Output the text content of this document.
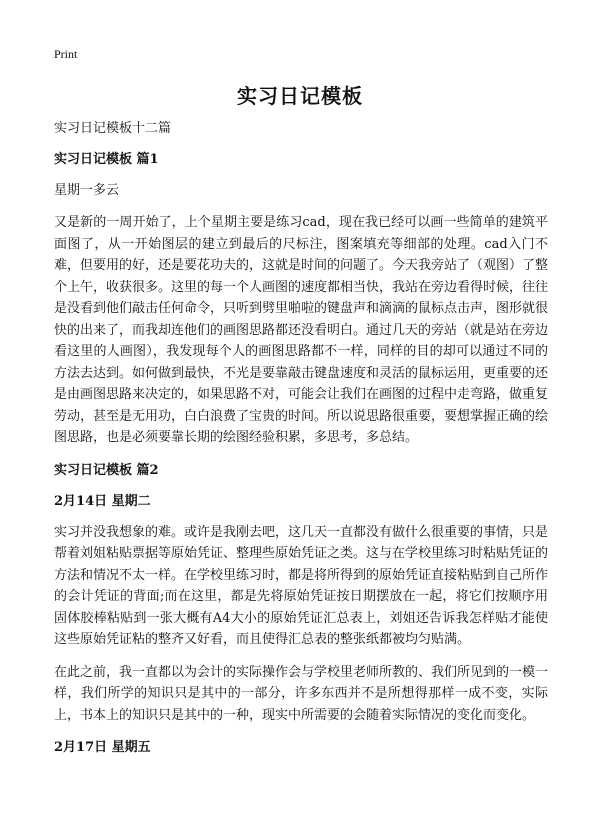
Print
实习日记模板

实习日记模板十二篇

实习日记模板 篇1

星期一多云

又是新的一周开始了，上个星期主要是练习cad，现在我已经可以画一些简单的建筑平面图了，从一开始图层的建立到最后的尺标注，图案填充等细部的处理。cad入门不难，但要用的好，还是要花功夫的，这就是时间的问题了。今天我旁站了（观图）了整个上午，收获很多。这里的每一个人画图的速度都相当快，我站在旁边看得时候，往往是没看到他们敲击任何命令，只听到劈里啪啦的键盘声和滴滴的鼠标点击声，图形就很快的出来了，而我却连他们的画图思路都还没看明白。通过几天的旁站（就是站在旁边看这里的人画图），我发现每个人的画图思路都不一样，同样的目的却可以通过不同的方法去达到。如何做到最快，不光是要靠敲击键盘速度和灵活的鼠标运用，更重要的还是由画图思路来决定的，如果思路不对，可能会让我们在画图的过程中走弯路，做重复劳动，甚至是无用功，白白浪费了宝贵的时间。所以说思路很重要，要想掌握正确的绘图思路，也是必须要靠长期的绘图经验积累，多思考，多总结。

实习日记模板 篇2

2月14日 星期二

实习并没我想象的难。或许是我刚去吧，这几天一直都没有做什么很重要的事情，只是帮着刘姐粘贴票据等原始凭证、整理些原始凭证之类。这与在学校里练习时粘贴凭证的方法和情况不太一样。在学校里练习时，都是将所得到的原始凭证直接粘贴到自己所作的会计凭证的背面;而在这里，都是先将原始凭证按日期摆放在一起，将它们按顺序用固体胶棒粘贴到一张大概有A4大小的原始凭证汇总表上，刘姐还告诉我怎样贴才能使这些原始凭证粘的整齐又好看，而且使得汇总表的整张纸都被均匀贴满。

在此之前，我一直都以为会计的实际操作会与学校里老师所教的、我们所见到的一模一样，我们所学的知识只是其中的一部分，许多东西并不是所想得那样一成不变，实际上，书本上的知识只是其中的一种，现实中所需要的会随着实际情况的变化而变化。

2月17日 星期五
